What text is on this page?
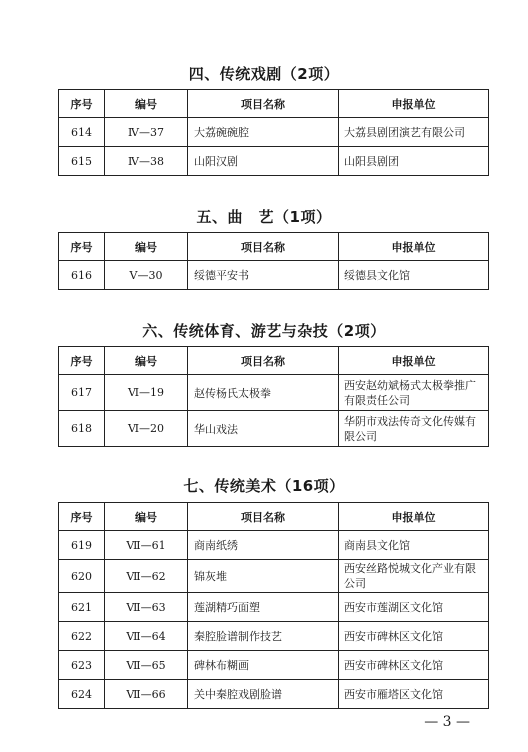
四、传统戏剧（2项）
序号	编号	项目名称	申报单位
614	Ⅳ—37	大荔碗碗腔	大荔县剧团演艺有限公司
615	Ⅳ—38	山阳汉剧	山阳县剧团
五、曲　艺（1项）
序号	编号	项目名称	申报单位
616	Ⅴ—30	绥德平安书	绥德县文化馆
六、传统体育、游艺与杂技（2项）
序号	编号	项目名称	申报单位
617	Ⅵ—19	赵传杨氏太极拳	西安赵幼斌杨式太极拳推广有限责任公司
618	Ⅵ—20	华山戏法	华阴市戏法传奇文化传媒有限公司
七、传统美术（16项）
序号	编号	项目名称	申报单位
619	Ⅶ—61	商南纸绣	商南县文化馆
620	Ⅶ—62	锦灰堆	西安丝路悦城文化产业有限公司
621	Ⅶ—63	莲湖精巧面塑	西安市莲湖区文化馆
622	Ⅶ—64	秦腔脸谱制作技艺	西安市碑林区文化馆
623	Ⅶ—65	碑林布糊画	西安市碑林区文化馆
624	Ⅶ—66	关中秦腔戏剧脸谱	西安市雁塔区文化馆
— 3 —
